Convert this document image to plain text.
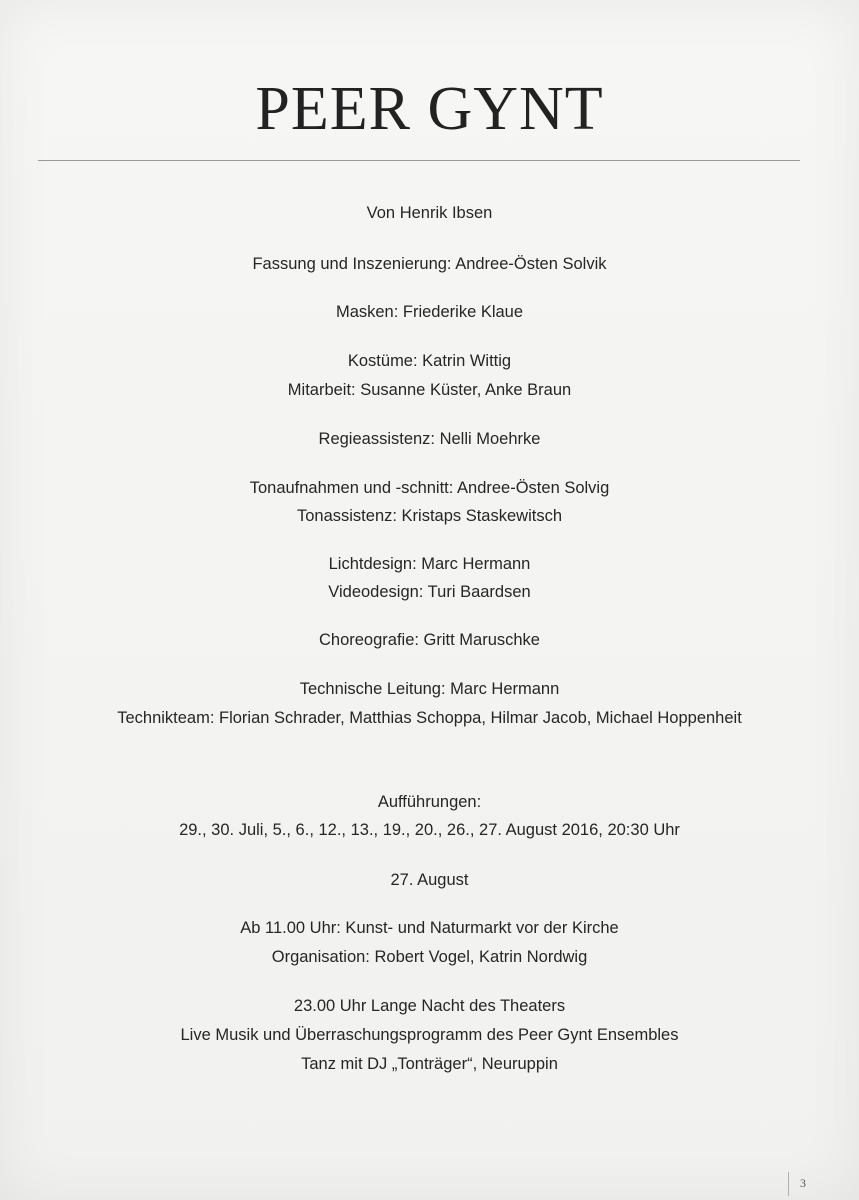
PEER GYNT
Von Henrik Ibsen
Fassung und Inszenierung: Andree-Östen Solvik
Masken: Friederike Klaue
Kostüme: Katrin Wittig
Mitarbeit: Susanne Küster, Anke Braun
Regieassistenz: Nelli Moehrke
Tonaufnahmen und -schnitt: Andree-Östen Solvig
Tonassistenz: Kristaps Staskewitsch
Lichtdesign: Marc Hermann
Videodesign: Turi Baardsen
Choreografie: Gritt Maruschke
Technische Leitung: Marc Hermann
Technikteam: Florian Schrader, Matthias Schoppa, Hilmar Jacob, Michael Hoppenheit
Aufführungen:
29., 30. Juli, 5., 6., 12., 13., 19., 20., 26., 27. August 2016, 20:30 Uhr
27. August
Ab 11.00 Uhr: Kunst- und Naturmarkt vor der Kirche
Organisation: Robert Vogel, Katrin Nordwig
23.00 Uhr Lange Nacht des Theaters
Live Musik und Überraschungsprogramm des Peer Gynt Ensembles
Tanz mit DJ „Tonträger“, Neuruppin
3
